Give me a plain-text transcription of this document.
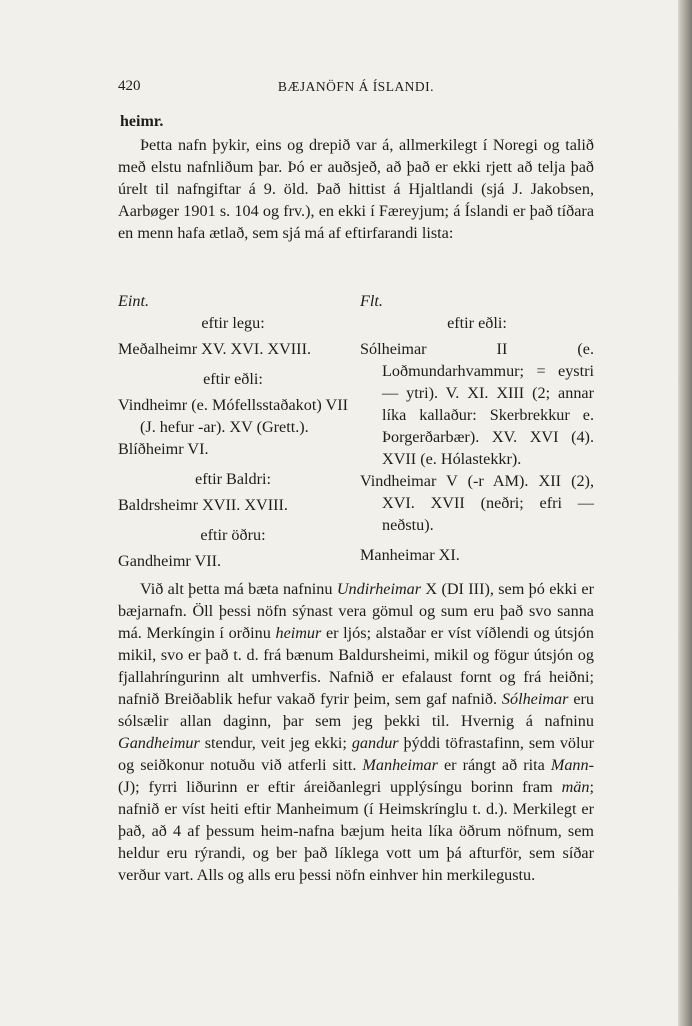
420	BÆJANÖFN Á ÍSLANDI.
heimr.

Þetta nafn þykir, eins og drepið var á, allmerkilegt í Noregi og talið með elstu nafnliðum þar. Þó er auðsjeð, að það er ekki rjett að telja það úrelt til nafngiftar á 9. öld. Það hittist á Hjaltlandi (sjá J. Jakobsen, Aarbøger 1901 s. 104 og frv.), en ekki í Færeyjum; á Íslandi er það tíðara en menn hafa ætlað, sem sjá má af eftirfarandi lista:

Eint.
eftir legu:
Meðalheimr XV. XVI. XVIII.
eftir eðli:
Vindheimr (e. Mófellsstaðakot) VII (J. hefur -ar). XV (Grett.).
Blíðheimr VI.
eftir Baldri:
Baldrsheimr XVII. XVIII.
eftir öðru:
Gandheimr VII.
Flt.
eftir eðli:
Sólheimar II (e. Loðmundarhvammur; = eystri — ytri). V. XI. XIII (2; annar líka kallaður: Skerbrekkur e. Þorgerðarbær). XV. XVI (4). XVII (e. Hólastekkr).
Vindheimar V (-r AM). XII (2), XVI. XVII (neðri; efri — neðstu).
Manheimar XI.

Við alt þetta má bæta nafninu Undirheimar X (DI III), sem þó ekki er bæjarnafn. Öll þessi nöfn sýnast vera gömul og sum eru það svo sanna má. Merkíngin í orðinu heimur er ljós; alstaðar er víst víðlendi og útsjón mikil, svo er það t. d. frá bænum Baldursheimi, mikil og fögur útsjón og fjallahríngurinn alt umhverfis. Nafnið er efalaust fornt og frá heiðni; nafnið Breiðablik hefur vakað fyrir þeim, sem gaf nafnið. Sólheimar eru sólsælir allan daginn, þar sem jeg þekki til. Hvernig á nafninu Gandheimur stendur, veit jeg ekki; gandur þýddi töfrastafinn, sem völur og seiðkonur notuðu við atferli sitt. Manheimar er rángt að rita Mann- (J); fyrri liðurinn er eftir áreiðanlegri upplýsíngu borinn fram män; nafnið er víst heiti eftir Manheimum (í Heimskrínglu t. d.). Merkilegt er það, að 4 af þessum heim-nafna bæjum heita líka öðrum nöfnum, sem heldur eru rýrandi, og ber það líklega vott um þá afturför, sem síðar verður vart. Alls og alls eru þessi nöfn einhver hin merkilegustu.
